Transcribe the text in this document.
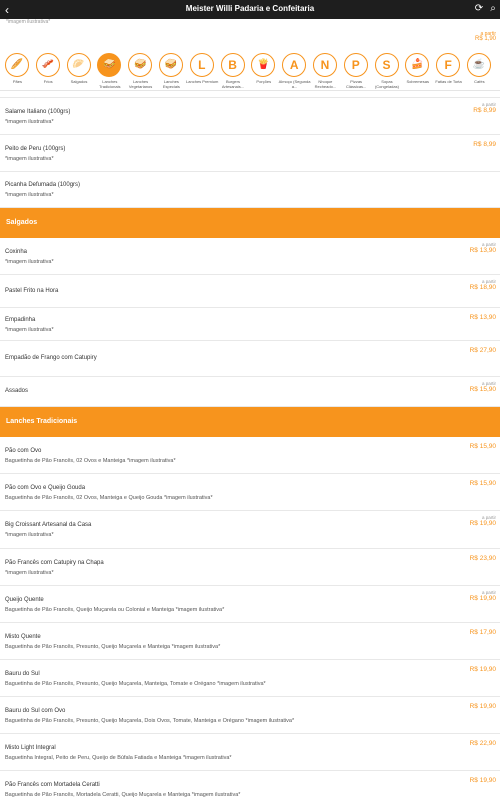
‹	Meister Willi Padaria e Confeitaria	⟳ ⌕
*imagem ilustrativa*
a partir
R$ 1,90
🥖
Pães
🥓
Frios
🥟
Salgados
🥪
Lanches Tradicionais
🥪
Lanches Vegetarianos
🥪
Lanches Especiais
L
Lanches Premium
B
Burgers Artesanais...
🍟
Porções
A
Almoço (Segunda a...
N
Nhoque Recheado...
P
Pizzas Clássicas...
S
Sopas (Congeladas)
🍰
Sobremesas
F
Fatias de Torta
☕
Cafés
Salame Italiano (100grs)
*imagem ilustrativa*
a partir
R$ 8,99
Peito de Peru (100grs)
*imagem ilustrativa*
R$ 8,99
Picanha Defumada (100grs)
*imagem ilustrativa*
Salgados
Coxinha
*imagem ilustrativa*
a partir
R$ 13,90
Pastel Frito na Hora
a partir
R$ 18,90
Empadinha
*imagem ilustrativa*
R$ 13,90
Empadão de Frango com Catupiry
R$ 27,90
Assados
a partir
R$ 15,90
Lanches Tradicionais
Pão com Ovo
Baguetinha de Pão Francês, 02 Ovos e Manteiga *imagem ilustrativa*
R$ 15,90
Pão com Ovo e Queijo Gouda
Baguetinha de Pão Francês, 02 Ovos, Manteiga e Queijo Gouda *imagem ilustrativa*
R$ 15,90
Big Croissant Artesanal da Casa
*imagem ilustrativa*
a partir
R$ 19,90
Pão Francês com Catupiry na Chapa
*imagem ilustrativa*
R$ 23,90
Queijo Quente
Baguetinha de Pão Francês, Queijo Muçarela ou Colonial e Manteiga *imagem ilustrativa*
a partir
R$ 19,90
Misto Quente
Baguetinha de Pão Francês, Presunto, Queijo Muçarela e Manteiga *imagem ilustrativa*
R$ 17,90
Bauru do Sul
Baguetinha de Pão Francês, Presunto, Queijo Muçarela, Manteiga, Tomate e Orégano *imagem ilustrativa*
R$ 19,90
Bauru do Sul com Ovo
Baguetinha de Pão Francês, Presunto, Queijo Muçarela, Dois Ovos, Tomate, Manteiga e Orégano *imagem ilustrativa*
R$ 19,90
Misto Light Integral
Baguetinha Integral, Peito de Peru, Queijo de Búfala Fatiada e Manteiga *imagem ilustrativa*
R$ 22,90
Pão Francês com Mortadela Ceratti
Baguetinha de Pão Francês, Mortadela Ceratti, Queijo Muçarela e Manteiga *imagem ilustrativa*
R$ 19,90
